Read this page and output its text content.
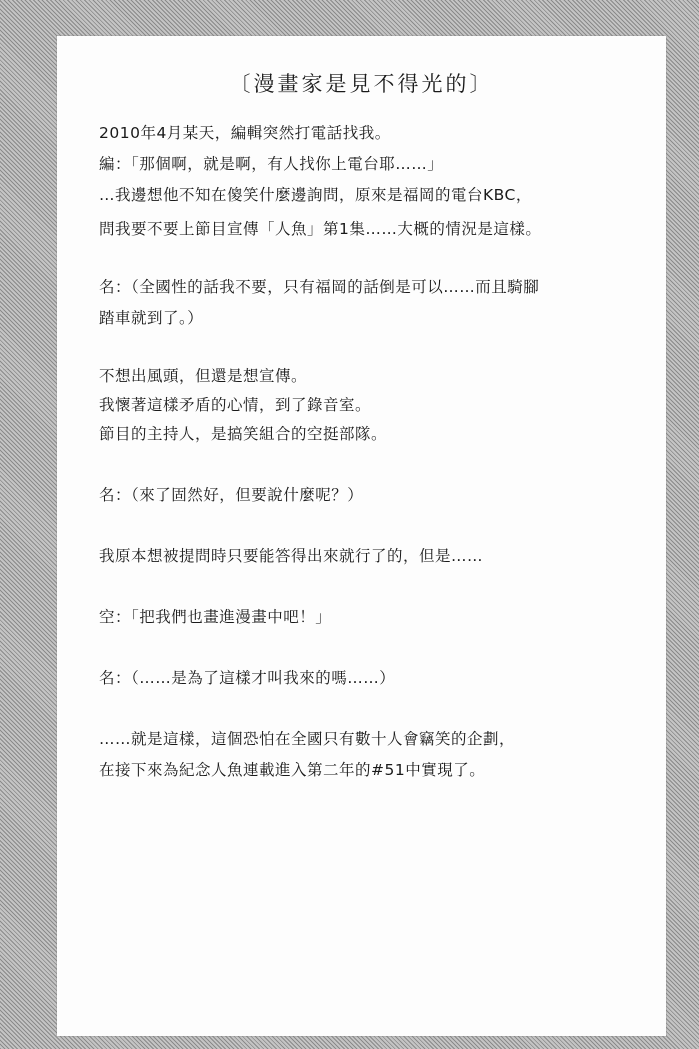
〔漫畫家是見不得光的〕
2010年4月某天，編輯突然打電話找我。
編：「那個啊，就是啊，有人找你上電台耶……」
…我邊想他不知在傻笑什麼邊詢問，原來是福岡的電台KBC，
問我要不要上節目宣傳「人魚」第1集……大概的情況是這樣。
名：（全國性的話我不要，只有福岡的話倒是可以……而且騎腳
踏車就到了。）
不想出風頭，但還是想宣傳。
我懷著這樣矛盾的心情，到了錄音室。
節目的主持人，是搞笑組合的空挺部隊。
名：（來了固然好，但要說什麼呢？）
我原本想被提問時只要能答得出來就行了的，但是……
空：「把我們也畫進漫畫中吧！」
名：（……是為了這樣才叫我來的嗎……）
……就是這樣，這個恐怕在全國只有數十人會竊笑的企劃，
在接下來為紀念人魚連載進入第二年的#51中實現了。
